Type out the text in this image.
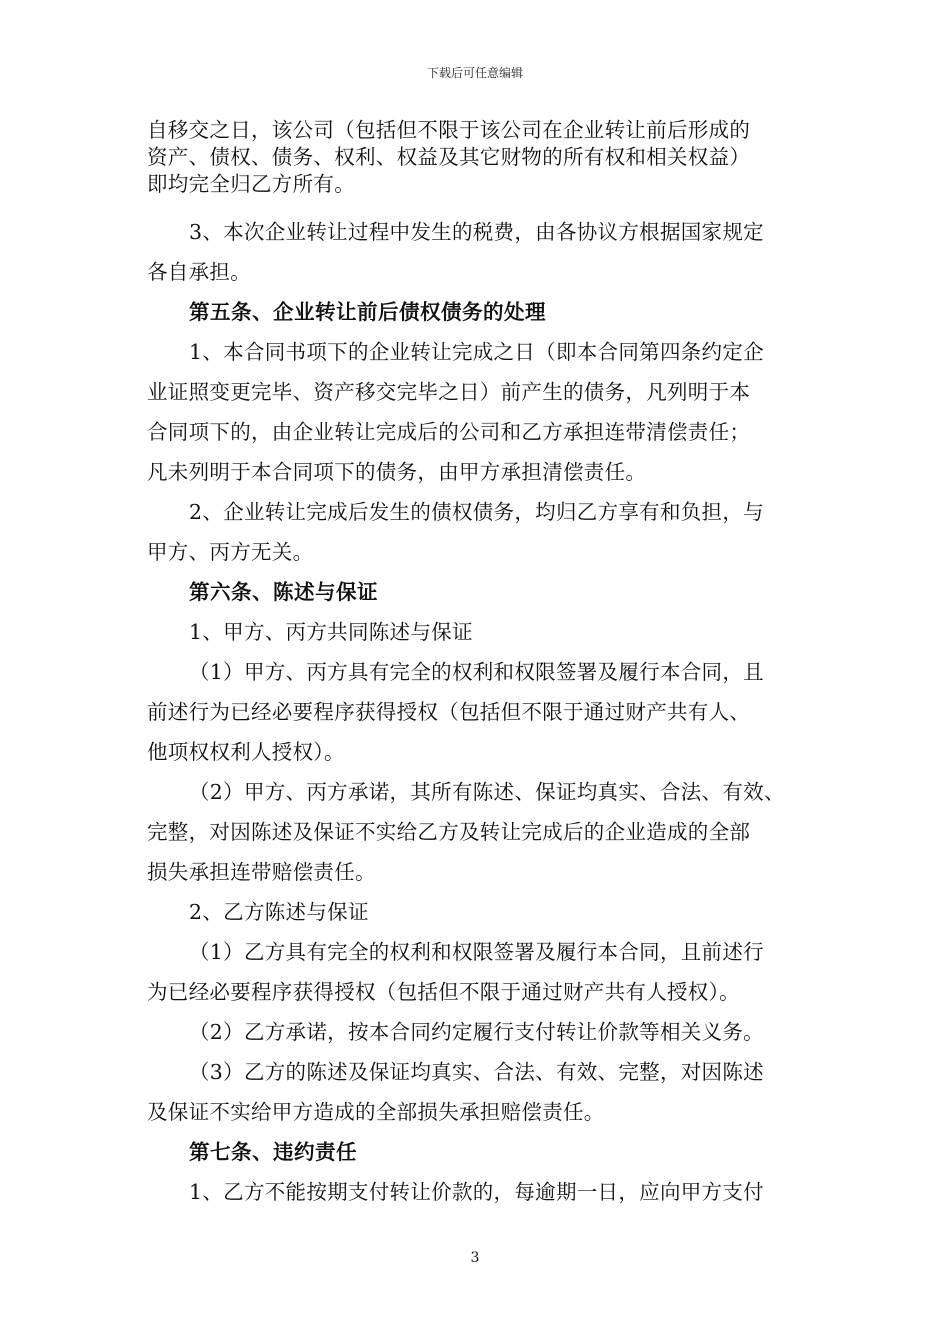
下载后可任意编辑
自移交之日，该公司（包括但不限于该公司在企业转让前后形成的
资产、债权、债务、权利、权益及其它财物的所有权和相关权益）
即均完全归乙方所有。
3、本次企业转让过程中发生的税费，由各协议方根据国家规定
各自承担。
第五条、企业转让前后债权债务的处理
1、本合同书项下的企业转让完成之日（即本合同第四条约定企
业证照变更完毕、资产移交完毕之日）前产生的债务，凡列明于本
合同项下的，由企业转让完成后的公司和乙方承担连带清偿责任；
凡未列明于本合同项下的债务，由甲方承担清偿责任。
2、企业转让完成后发生的债权债务，均归乙方享有和负担，与
甲方、丙方无关。
第六条、陈述与保证
1、甲方、丙方共同陈述与保证
（1）甲方、丙方具有完全的权利和权限签署及履行本合同，且
前述行为已经必要程序获得授权（包括但不限于通过财产共有人、
他项权权利人授权）。
（2）甲方、丙方承诺，其所有陈述、保证均真实、合法、有效、
完整，对因陈述及保证不实给乙方及转让完成后的企业造成的全部
损失承担连带赔偿责任。
2、乙方陈述与保证
（1）乙方具有完全的权利和权限签署及履行本合同，且前述行
为已经必要程序获得授权（包括但不限于通过财产共有人授权）。
（2）乙方承诺，按本合同约定履行支付转让价款等相关义务。
（3）乙方的陈述及保证均真实、合法、有效、完整，对因陈述
及保证不实给甲方造成的全部损失承担赔偿责任。
第七条、违约责任
1、乙方不能按期支付转让价款的，每逾期一日，应向甲方支付
3
